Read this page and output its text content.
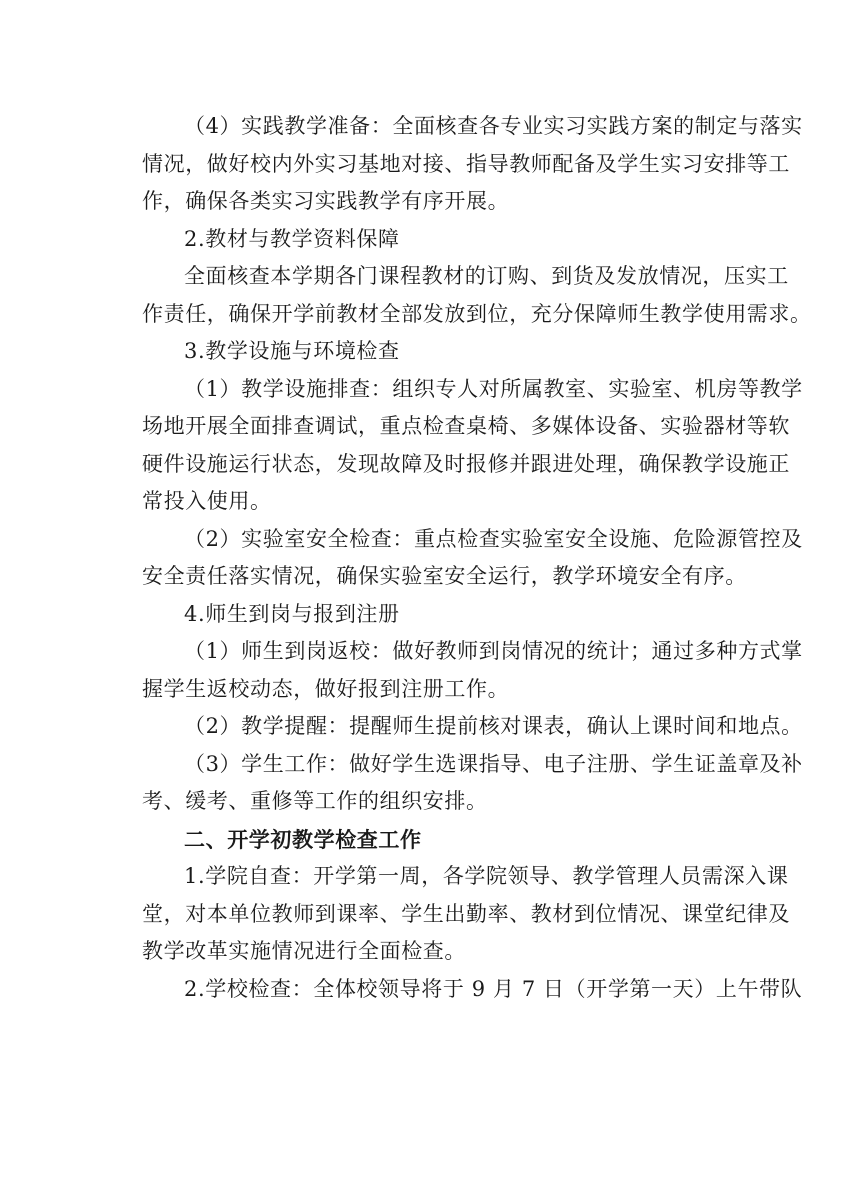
（4）实践教学准备：全面核查各专业实习实践方案的制定与落实
情况，做好校内外实习基地对接、指导教师配备及学生实习安排等工
作，确保各类实习实践教学有序开展。

2.教材与教学资料保障

全面核查本学期各门课程教材的订购、到货及发放情况，压实工
作责任，确保开学前教材全部发放到位，充分保障师生教学使用需求。

3.教学设施与环境检查

（1）教学设施排查：组织专人对所属教室、实验室、机房等教学
场地开展全面排查调试，重点检查桌椅、多媒体设备、实验器材等软
硬件设施运行状态，发现故障及时报修并跟进处理，确保教学设施正
常投入使用。

（2）实验室安全检查：重点检查实验室安全设施、危险源管控及
安全责任落实情况，确保实验室安全运行，教学环境安全有序。

4.师生到岗与报到注册

（1）师生到岗返校：做好教师到岗情况的统计；通过多种方式掌
握学生返校动态，做好报到注册工作。

（2）教学提醒：提醒师生提前核对课表，确认上课时间和地点。

（3）学生工作：做好学生选课指导、电子注册、学生证盖章及补
考、缓考、重修等工作的组织安排。

二、开学初教学检查工作

1.学院自查：开学第一周，各学院领导、教学管理人员需深入课
堂，对本单位教师到课率、学生出勤率、教材到位情况、课堂纪律及
教学改革实施情况进行全面检查。

2.学校检查：全体校领导将于 9 月 7 日（开学第一天）上午带队
